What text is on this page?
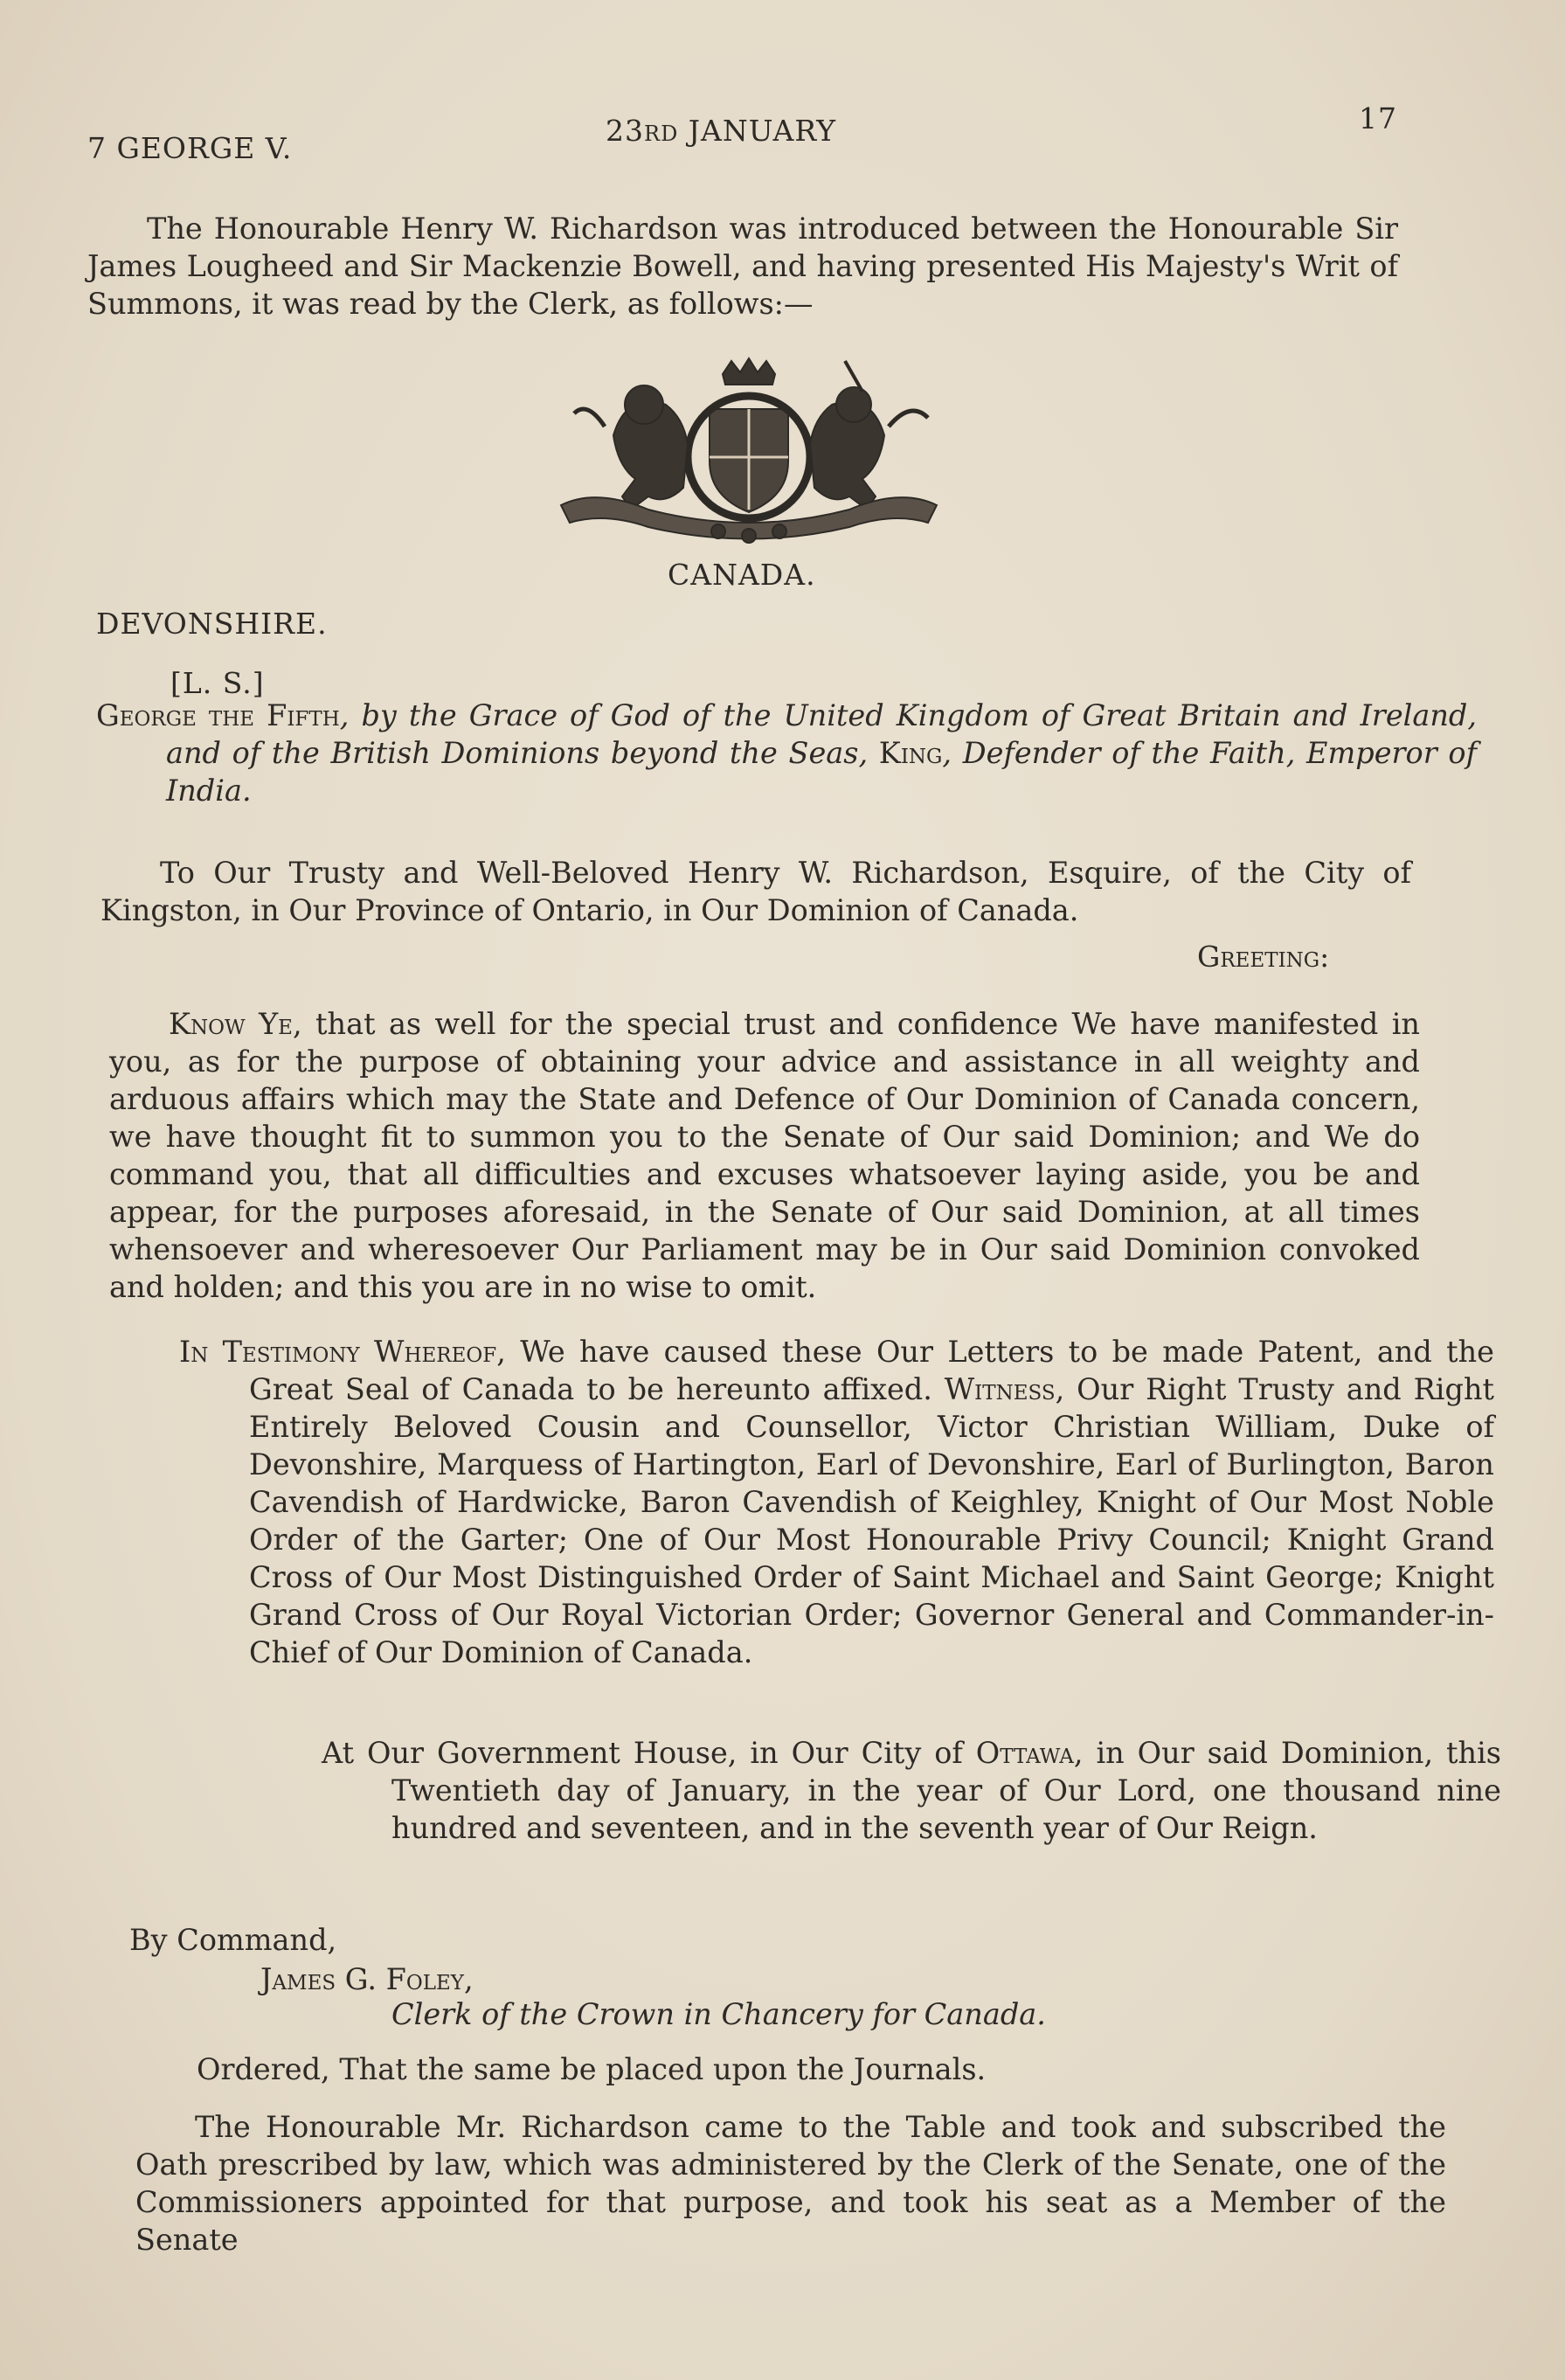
7 GEORGE V.
23RD JANUARY	17

The Honourable Henry W. Richardson was introduced between the Honourable Sir James Lougheed and Sir Mackenzie Bowell, and having presented His Majesty's Writ of Summons, it was read by the Clerk, as follows:—

CANADA.
DEVONSHIRE.
[L. S.]
George the Fifth, by the Grace of God of the United Kingdom of Great Britain and Ireland, and of the British Dominions beyond the Seas, King, Defender of the Faith, Emperor of India.

To Our Trusty and Well-Beloved Henry W. Richardson, Esquire, of the City of Kingston, in Our Province of Ontario, in Our Dominion of Canada.

Greeting:

Know Ye, that as well for the special trust and confidence We have manifested in you, as for the purpose of obtaining your advice and assistance in all weighty and arduous affairs which may the State and Defence of Our Dominion of Canada concern, we have thought fit to summon you to the Senate of Our said Dominion; and We do command you, that all difficulties and excuses whatsoever laying aside, you be and appear, for the purposes aforesaid, in the Senate of Our said Dominion, at all times whensoever and wheresoever Our Parliament may be in Our said Dominion convoked and holden; and this you are in no wise to omit.

In Testimony Whereof, We have caused these Our Letters to be made Patent, and the Great Seal of Canada to be hereunto affixed. Witness, Our Right Trusty and Right Entirely Beloved Cousin and Counsellor, Victor Christian William, Duke of Devonshire, Marquess of Hartington, Earl of Devonshire, Earl of Burlington, Baron Cavendish of Hardwicke, Baron Cavendish of Keighley, Knight of Our Most Noble Order of the Garter; One of Our Most Honourable Privy Council; Knight Grand Cross of Our Most Distinguished Order of Saint Michael and Saint George; Knight Grand Cross of Our Royal Victorian Order; Governor General and Commander-in-Chief of Our Dominion of Canada.
At Our Government House, in Our City of Ottawa, in Our said Dominion, this Twentieth day of January, in the year of Our Lord, one thousand nine hundred and seventeen, and in the seventh year of Our Reign.
By Command,
James G. Foley,
Clerk of the Crown in Chancery for Canada.
Ordered, That the same be placed upon the Journals.

The Honourable Mr. Richardson came to the Table and took and subscribed the Oath prescribed by law, which was administered by the Clerk of the Senate, one of the Commissioners appointed for that purpose, and took his seat as a Member of the Senate
